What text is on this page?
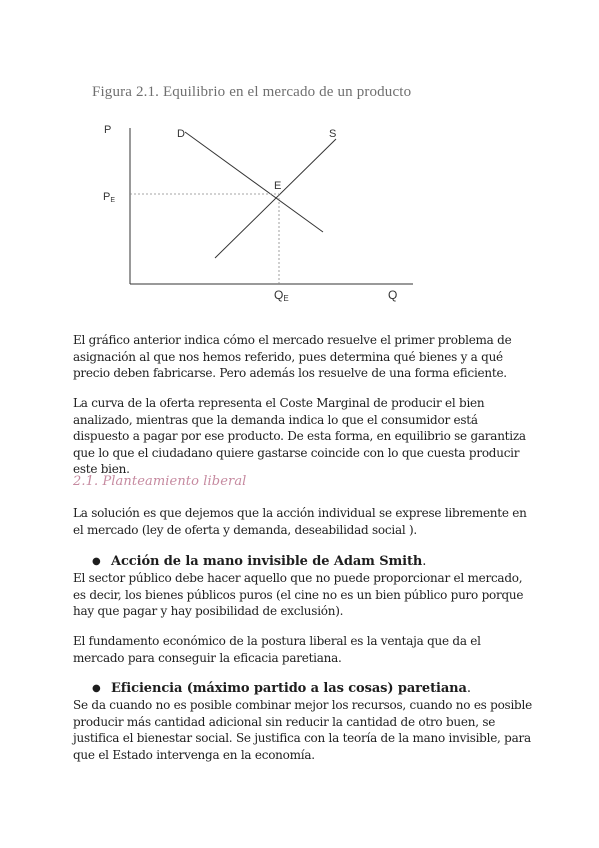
Figura 2.1. Equilibrio en el mercado de un producto
P	D	S
E
PE
QE	Q

El gráfico anterior indica cómo el mercado resuelve el primer problema de asignación al que nos hemos referido, pues determina qué bienes y a qué precio deben fabricarse. Pero además los resuelve de una forma eficiente.

La curva de la oferta representa el Coste Marginal de producir el bien analizado, mientras que la demanda indica lo que el consumidor está dispuesto a pagar por ese producto. De esta forma, en equilibrio se garantiza que lo que el ciudadano quiere gastarse coincide con lo que cuesta producir este bien.

2.1. Planteamiento liberal

La solución es que dejemos que la acción individual se exprese libremente en el mercado (ley de oferta y demanda, deseabilidad social ).

● Acción de la mano invisible de Adam Smith.

El sector público debe hacer aquello que no puede proporcionar el mercado, es decir, los bienes públicos puros (el cine no es un bien público puro porque hay que pagar y hay posibilidad de exclusión).

El fundamento económico de la postura liberal es la ventaja que da el mercado para conseguir la eficacia paretiana.

● Eficiencia (máximo partido a las cosas) paretiana.

Se da cuando no es posible combinar mejor los recursos, cuando no es posible producir más cantidad adicional sin reducir la cantidad de otro buen, se justifica el bienestar social. Se justifica con la teoría de la mano invisible, para que el Estado intervenga en la economía.
